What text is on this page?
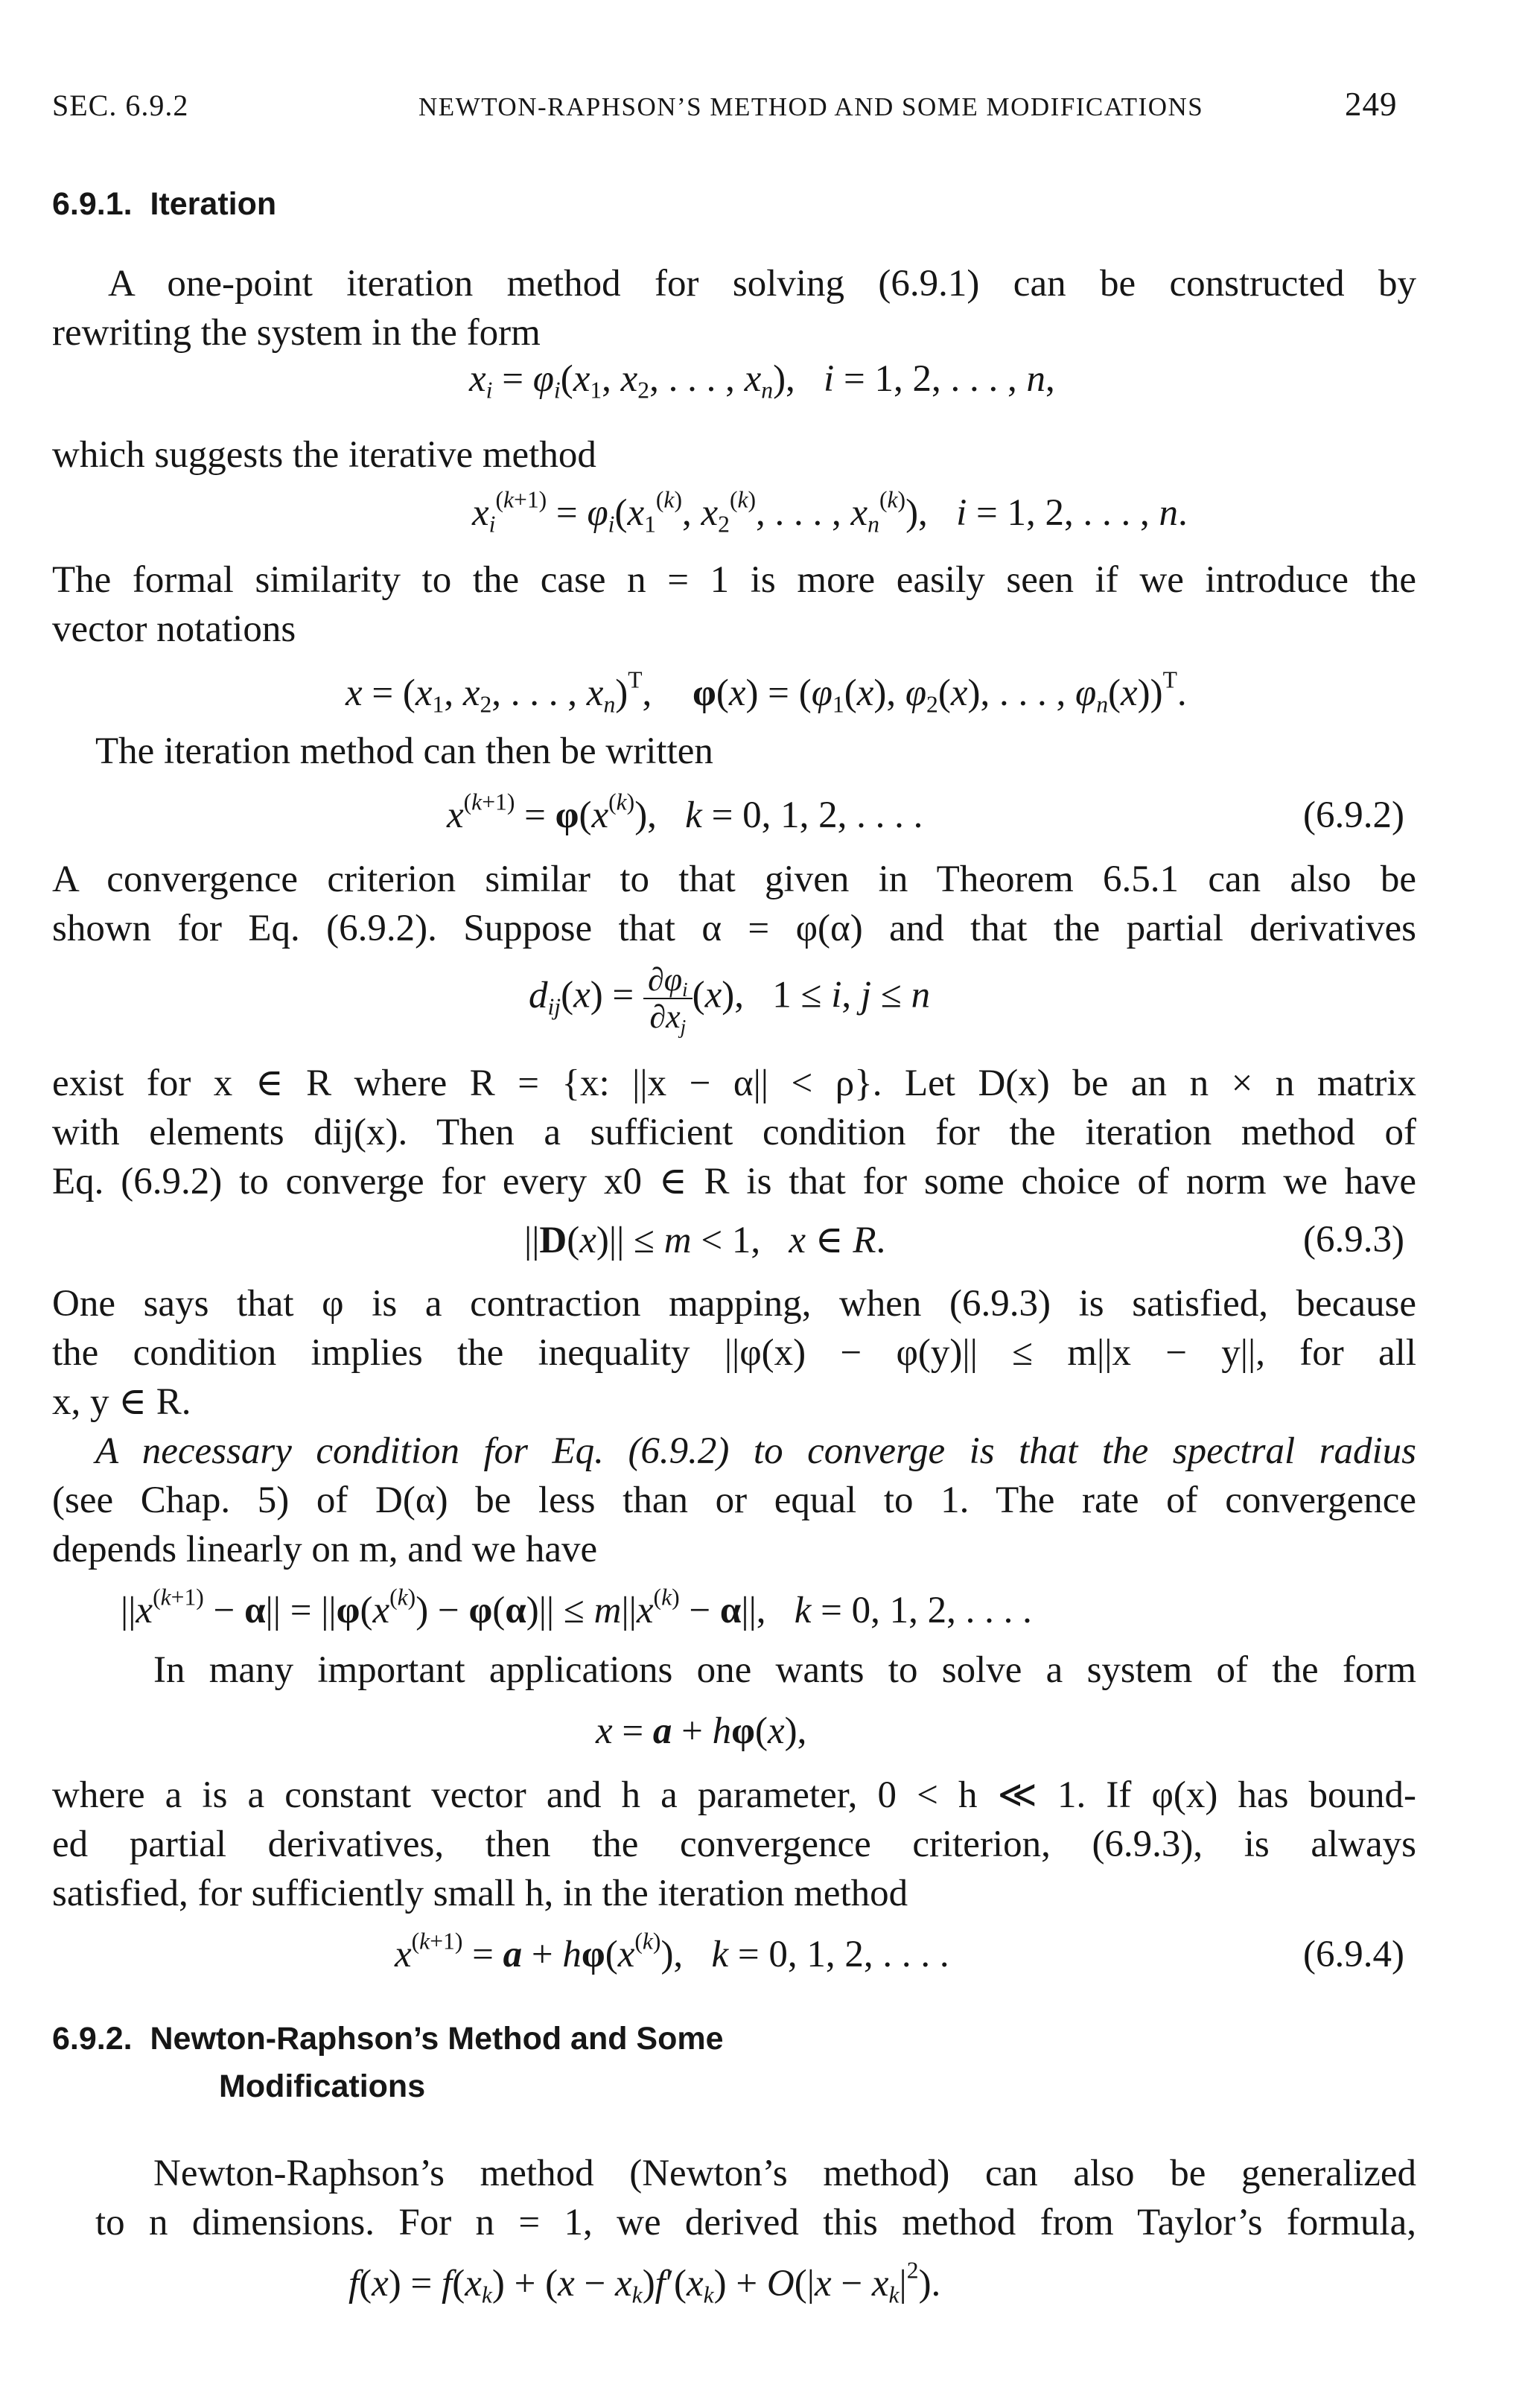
SEC. 6.9.2	NEWTON-RAPHSON’S METHOD AND SOME MODIFICATIONS	249
6.9.1. Iteration
A one-point iteration method for solving (6.9.1) can be constructed by
rewriting the system in the form
$x_i = \varphi_i(x_1$, $x_2$, . . . , $x_n$),   i = 1, 2, . . . , n,
which suggests the iterative method
$x_i^{(k+1)} = \varphi_i(x_1^{(k)}$, $x_2^{(k)}$, . . . , $x_n^{(k)}$),   i = 1, 2, . . . , n.
The formal similarity to the case n = 1 is more easily seen if we introduce the
vector notations
$x = (x_1$, $x_2$, . . . , $x_n)^T$, $\varphi(x) = (\varphi_1(x)$, $\varphi_2(x)$, . . . , $\varphi_n(x))^T$.
The iteration method can then be written
$x^{(k+1)} = \varphi(x^{(k)})$,   k = 0, 1, 2, . . . .	(6.9.2)
A convergence criterion similar to that given in Theorem 6.5.1 can also be
shown for Eq. (6.9.2). Suppose that α = φ(α) and that the partial derivatives
$d_{ij}(x) = \frac{\partial\varphi_i}{\partial x_j} (x)$,   1 ≤ i, j ≤ n
exist for x ∈ R where R = {x: ||x − α|| < ρ}. Let D(x) be an n × n matrix
with elements dij(x). Then a sufficient condition for the iteration method of
Eq. (6.9.2) to converge for every x0 ∈ R is that for some choice of norm we have
||D(x)|| ≤ m < 1,   x ∈ R.	(6.9.3)
One says that φ is a contraction mapping, when (6.9.3) is satisfied, because
the condition implies the inequality ||φ(x) − φ(y)|| ≤ m||x − y||, for all
x, y ∈ R.
A necessary condition for Eq. (6.9.2) to converge is that the spectral radius
(see Chap. 5) of D(α) be less than or equal to 1. The rate of convergence
depends linearly on m, and we have
$||x^{(k+1)} - \alpha|| = ||\varphi(x^{(k)}) - \varphi(\alpha)|| \le m||x^{(k)} - \alpha||$,   k = 0, 1, 2, . . . .
In many important applications one wants to solve a system of the form
x = a + hφ(x),
where a is a constant vector and h a parameter, 0 < h ≪ 1. If φ(x) has bound-
ed partial derivatives, then the convergence criterion, (6.9.3), is always
satisfied, for sufficiently small h, in the iteration method
$x^{(k+1)} = a + h\varphi(x^{(k)})$,   k = 0, 1, 2, . . . .	(6.9.4)
6.9.2. Newton-Raphson’s Method and Some
Modifications
Newton-Raphson’s method (Newton’s method) can also be generalized
to n dimensions. For n = 1, we derived this method from Taylor’s formula,
$f(x) = f(x_k) + (x - x_k)f'(x_k) + O(|x - x_k|^2)$.
